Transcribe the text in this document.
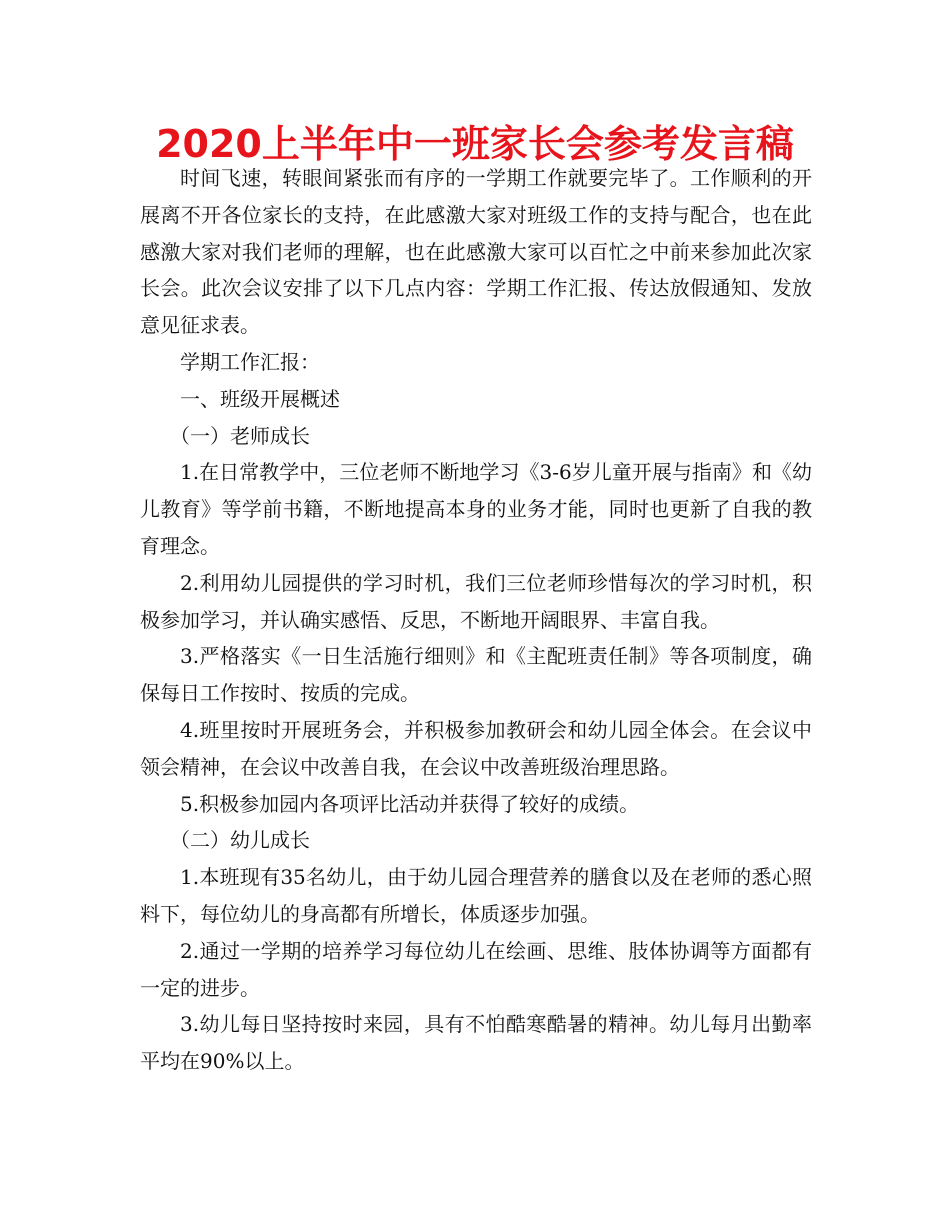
2020上半年中一班家长会参考发言稿

时间飞速，转眼间紧张而有序的一学期工作就要完毕了。工作顺利的开展离不开各位家长的支持，在此感激大家对班级工作的支持与配合，也在此感激大家对我们老师的理解，也在此感激大家可以百忙之中前来参加此次家长会。此次会议安排了以下几点内容：学期工作汇报、传达放假通知、发放意见征求表。

学期工作汇报：

一、班级开展概述

（一）老师成长

1.在日常教学中，三位老师不断地学习《3-6岁儿童开展与指南》和《幼儿教育》等学前书籍，不断地提高本身的业务才能，同时也更新了自我的教育理念。

2.利用幼儿园提供的学习时机，我们三位老师珍惜每次的学习时机，积极参加学习，并认确实感悟、反思，不断地开阔眼界、丰富自我。

3.严格落实《一日生活施行细则》和《主配班责任制》等各项制度，确保每日工作按时、按质的完成。

4.班里按时开展班务会，并积极参加教研会和幼儿园全体会。在会议中领会精神，在会议中改善自我，在会议中改善班级治理思路。

5.积极参加园内各项评比活动并获得了较好的成绩。

（二）幼儿成长

1.本班现有35名幼儿，由于幼儿园合理营养的膳食以及在老师的悉心照料下，每位幼儿的身高都有所增长，体质逐步加强。

2.通过一学期的培养学习每位幼儿在绘画、思维、肢体协调等方面都有一定的进步。

3.幼儿每日坚持按时来园，具有不怕酷寒酷暑的精神。幼儿每月出勤率平均在90%以上。
